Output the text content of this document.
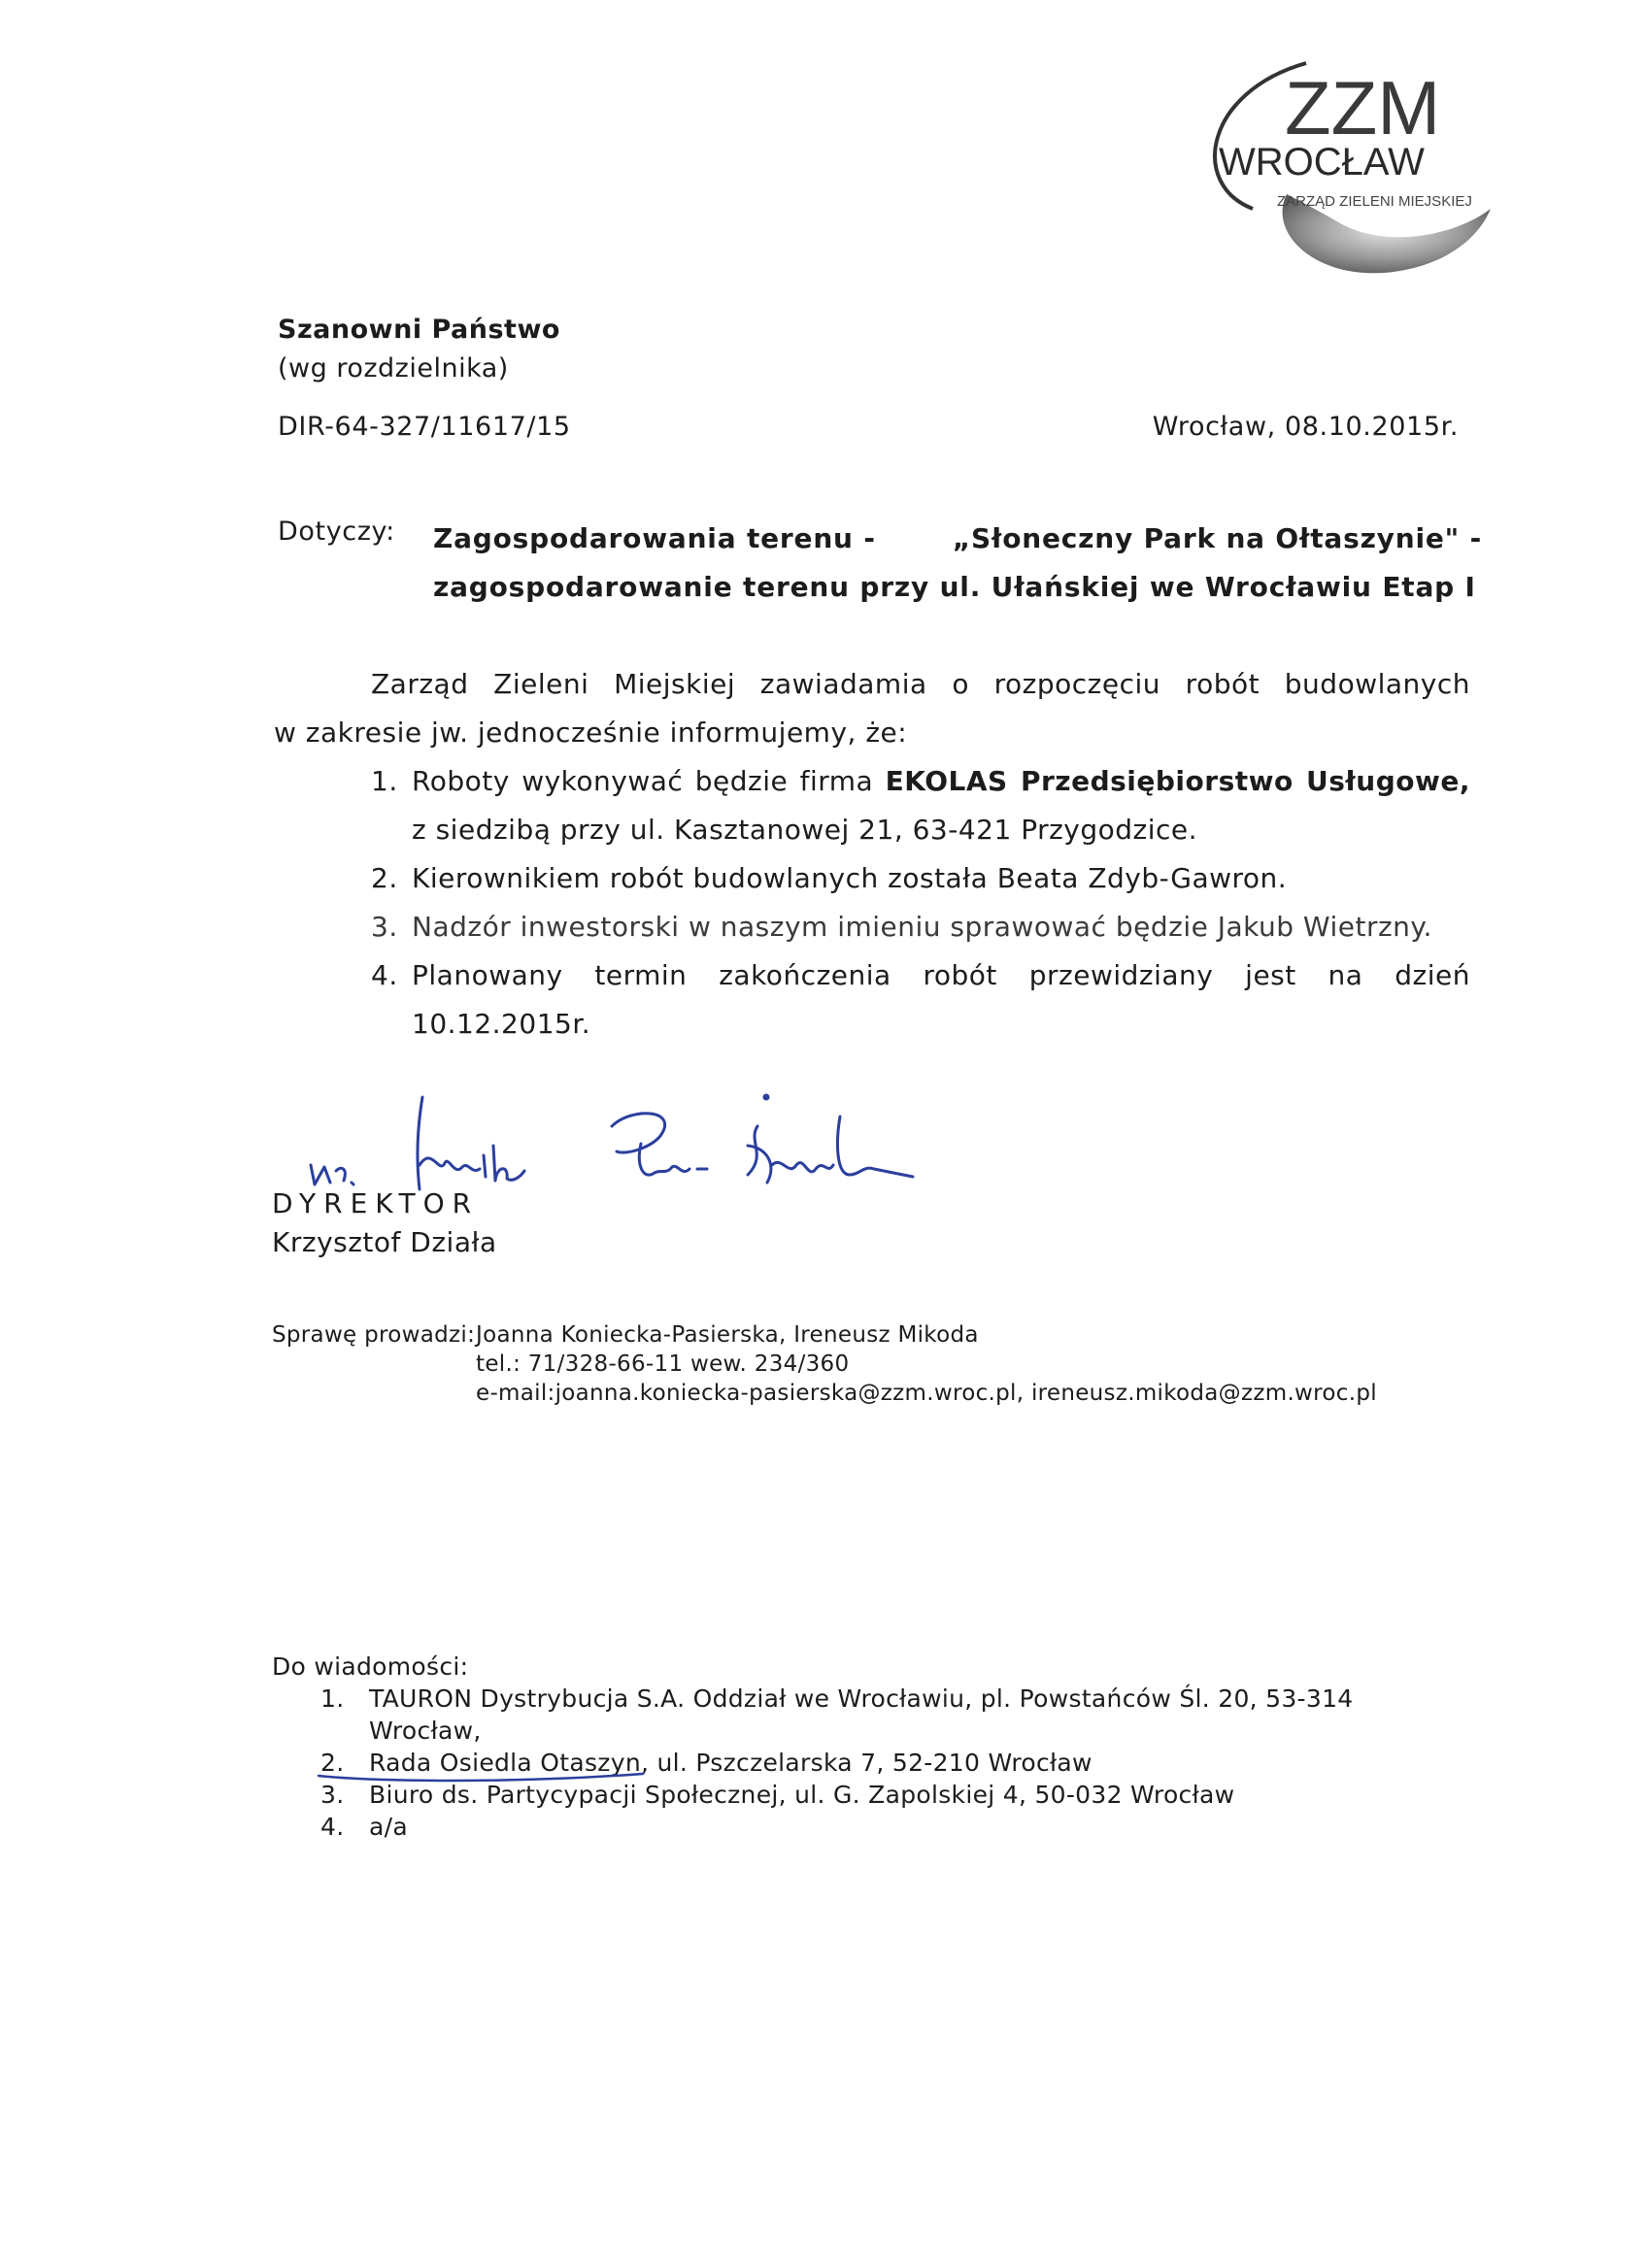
ZZM
WROCŁAW
ZARZĄD ZIELENI MIEJSKIEJ
Szanowni Państwo
(wg rozdzielnika)
DIR-64-327/11617/15	Wrocław, 08.10.2015r.
Dotyczy: Zagospodarowania terenu -	„Słoneczny Park na Ołtaszynie" -
zagospodarowanie terenu przy ul. Ułańskiej we Wrocławiu Etap I
Zarząd Zieleni Miejskiej zawiadamia o rozpoczęciu robót budowlanych
w zakresie jw. jednocześnie informujemy, że:
1. Roboty wykonywać będzie firma EKOLAS Przedsiębiorstwo Usługowe,
z siedzibą przy ul. Kasztanowej 21, 63-421 Przygodzice.
2. Kierownikiem robót budowlanych została Beata Zdyb-Gawron.
3. Nadzór inwestorski w naszym imieniu sprawować będzie Jakub Wietrzny.
4. Planowany termin zakończenia robót przewidziany jest na dzień
10.12.2015r.
DYREKTOR
Krzysztof Działa
Sprawę prowadzi: Joanna Koniecka-Pasierska, Ireneusz Mikoda
tel.: 71/328-66-11 wew. 234/360
e-mail:joanna.koniecka-pasierska@zzm.wroc.pl, ireneusz.mikoda@zzm.wroc.pl
Do wiadomości:
1. TAURON Dystrybucja S.A. Oddział we Wrocławiu, pl. Powstańców Śl. 20, 53-314
Wrocław,
2. Rada Osiedla Otaszyn, ul. Pszczelarska 7, 52-210 Wrocław
3. Biuro ds. Partycypacji Społecznej, ul. G. Zapolskiej 4, 50-032 Wrocław
4. a/a
